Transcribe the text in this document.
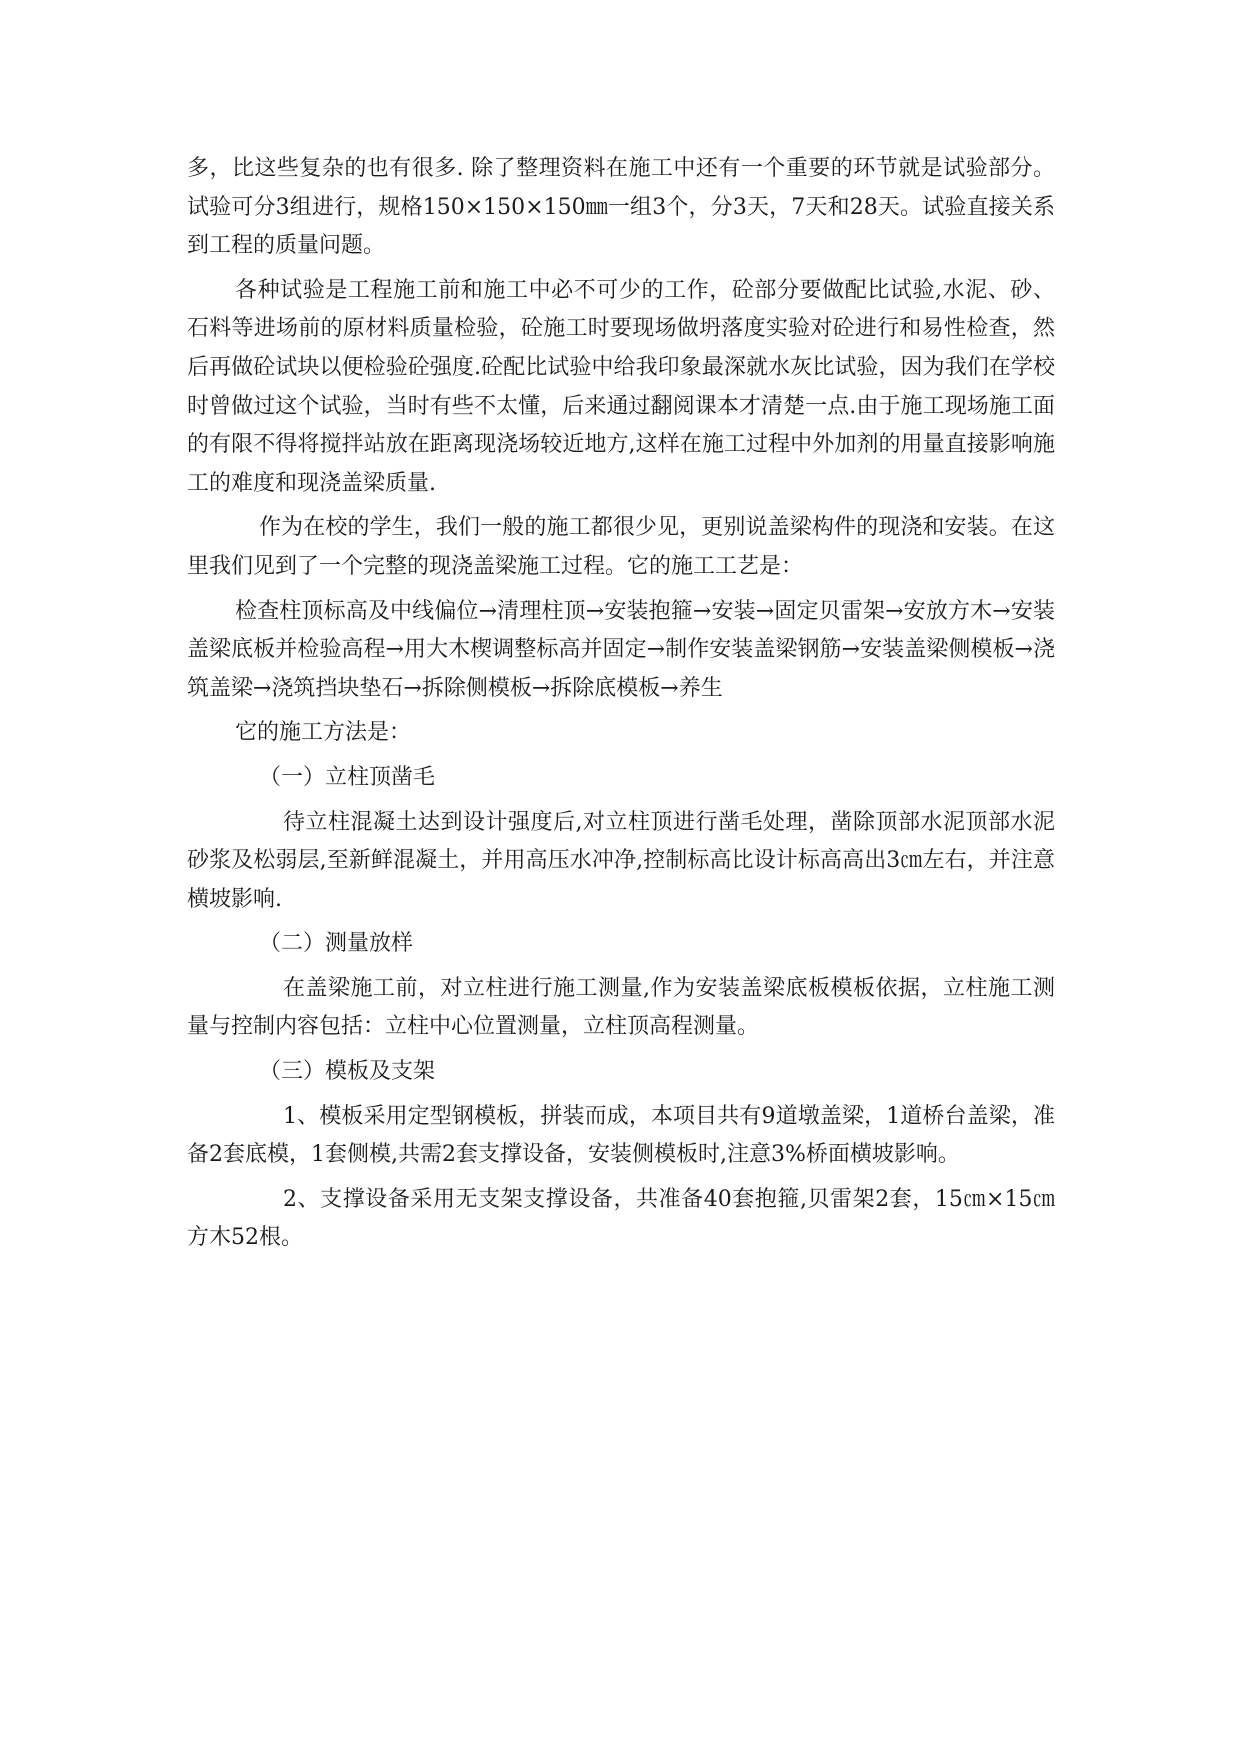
多，比这些复杂的也有很多. 除了整理资料在施工中还有一个重要的环节就是试验部分。试验可分3组进行，规格150×150×150㎜一组3个，分3天，7天和28天。试验直接关系到工程的质量问题。

各种试验是工程施工前和施工中必不可少的工作，砼部分要做配比试验,水泥、砂、石料等进场前的原材料质量检验，砼施工时要现场做坍落度实验对砼进行和易性检查，然后再做砼试块以便检验砼强度.砼配比试验中给我印象最深就水灰比试验，因为我们在学校时曾做过这个试验，当时有些不太懂，后来通过翻阅课本才清楚一点.由于施工现场施工面的有限不得将搅拌站放在距离现浇场较近地方,这样在施工过程中外加剂的用量直接影响施工的难度和现浇盖梁质量.

作为在校的学生，我们一般的施工都很少见，更别说盖梁构件的现浇和安装。在这里我们见到了一个完整的现浇盖梁施工过程。它的施工工艺是：

检查柱顶标高及中线偏位→清理柱顶→安装抱箍→安装→固定贝雷架→安放方木→安装盖梁底板并检验高程→用大木楔调整标高并固定→制作安装盖梁钢筋→安装盖梁侧模板→浇筑盖梁→浇筑挡块垫石→拆除侧模板→拆除底模板→养生

它的施工方法是：

（一）立柱顶凿毛

待立柱混凝土达到设计强度后,对立柱顶进行凿毛处理，凿除顶部水泥顶部水泥砂浆及松弱层,至新鲜混凝土，并用高压水冲净,控制标高比设计标高高出3㎝左右，并注意横坡影响.

（二）测量放样

在盖梁施工前，对立柱进行施工测量,作为安装盖梁底板模板依据，立柱施工测量与控制内容包括：立柱中心位置测量，立柱顶高程测量。

（三）模板及支架

1、模板采用定型钢模板，拼装而成，本项目共有9道墩盖梁，1道桥台盖梁，准备2套底模，1套侧模,共需2套支撑设备，安装侧模板时,注意3%桥面横坡影响。

2、支撑设备采用无支架支撑设备，共准备40套抱箍,贝雷架2套，15㎝×15㎝方木52根。
